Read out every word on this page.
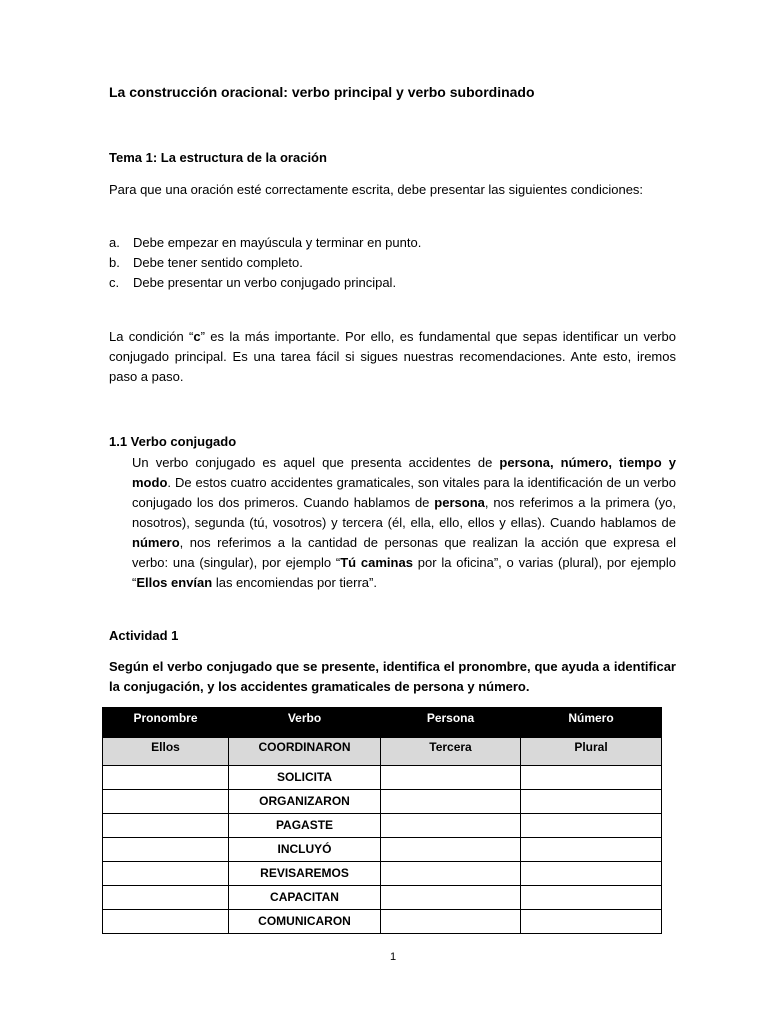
La construcción oracional: verbo principal y verbo subordinado
Tema 1: La estructura de la oración
Para que una oración esté correctamente escrita, debe presentar las siguientes condiciones:
a.	Debe empezar en mayúscula y terminar en punto.
b.	Debe tener sentido completo.
c.	Debe presentar un verbo conjugado principal.
La condición “c” es la más importante. Por ello, es fundamental que sepas identificar un verbo conjugado principal. Es una tarea fácil si sigues nuestras recomendaciones. Ante esto, iremos paso a paso.
1.1 Verbo conjugado
Un verbo conjugado es aquel que presenta accidentes de persona, número, tiempo y modo. De estos cuatro accidentes gramaticales, son vitales para la identificación de un verbo conjugado los dos primeros. Cuando hablamos de persona, nos referimos a la primera (yo, nosotros), segunda (tú, vosotros) y tercera (él, ella, ello, ellos y ellas). Cuando hablamos de número, nos referimos a la cantidad de personas que realizan la acción que expresa el verbo: una (singular), por ejemplo “Tú caminas por la oficina”, o varias (plural), por ejemplo “Ellos envían las encomiendas por tierra”.
Actividad 1
Según el verbo conjugado que se presente, identifica el pronombre, que ayuda a identificar la conjugación, y los accidentes gramaticales de persona y número.
Pronombre	Verbo	Persona	Número
Ellos	COORDINARON	Tercera	Plural
	SOLICITA		
	ORGANIZARON		
	PAGASTE		
	INCLUYÓ		
	REVISAREMOS		
	CAPACITAN		
	COMUNICARON		
1
